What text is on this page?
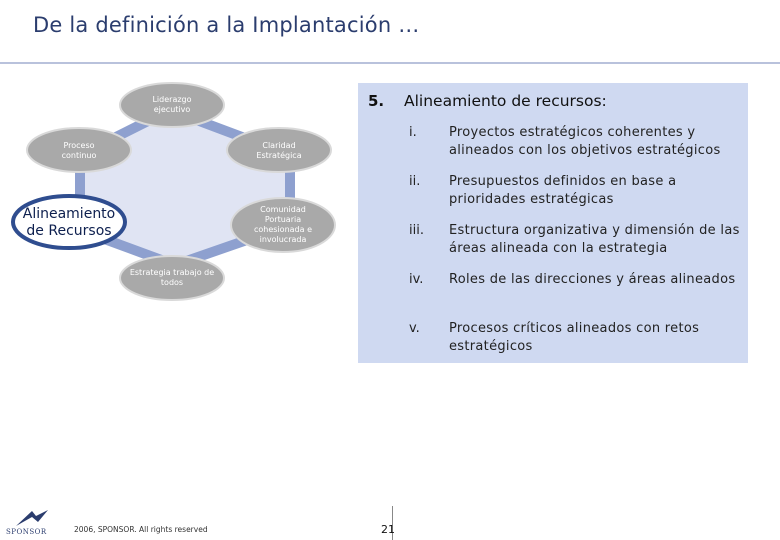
De la definición a la Implantación …
Liderazgo ejecutivo
Proceso continuo
Claridad Estratégica
Comunidad Portuaria cohesionada e involucrada
Estrategia trabajo de todos
Alineamiento de Recursos
5. Alineamiento de recursos:
i. Proyectos estratégicos coherentes y alineados con los objetivos estratégicos
ii. Presupuestos definidos en base a prioridades estratégicas
iii. Estructura organizativa y dimensión de las áreas alineada con la estrategia
iv. Roles de las direcciones y áreas alineados
v. Procesos críticos alineados con retos estratégicos
SPONSOR	2006, SPONSOR. All rights reserved	21
